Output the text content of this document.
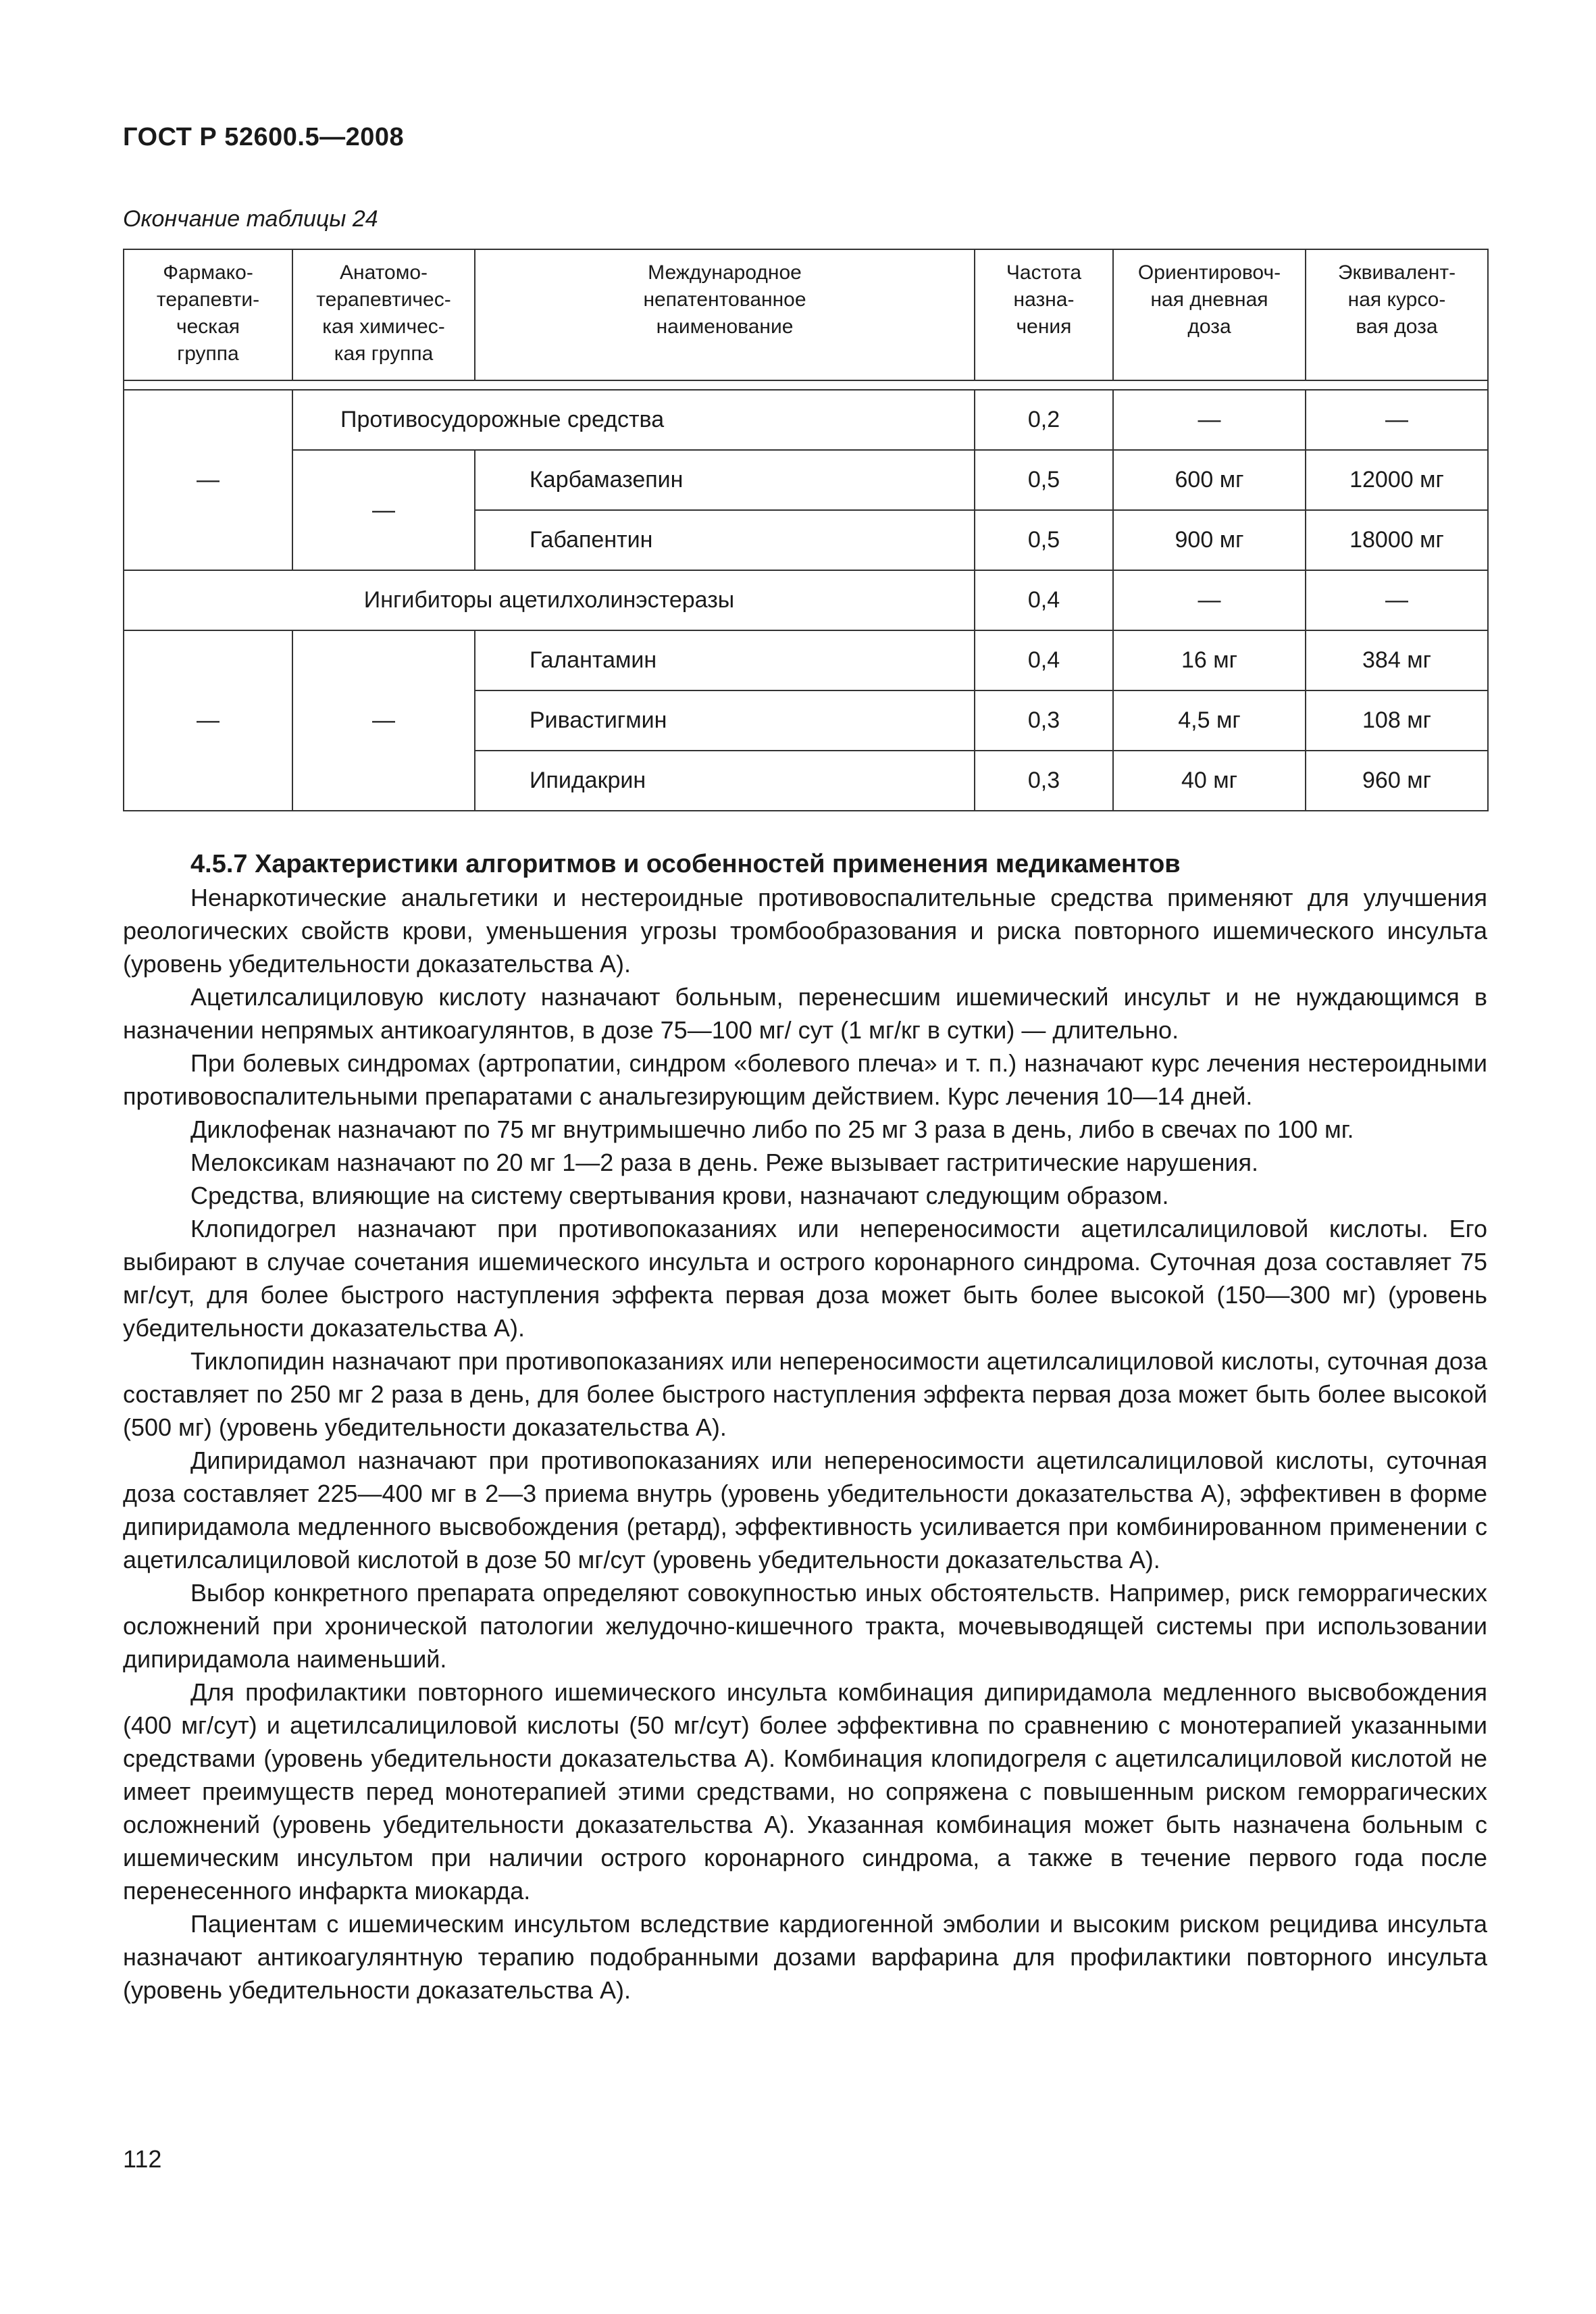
ГОСТ Р 52600.5—2008
Окончание таблицы 24
Фармако-
терапевти-
ческая
группа	Анатомо-
терапевтичес-
кая химичес-
кая группа	Международное
непатентованное
наименование	Частота
назна-
чения	Ориентировоч-
ная дневная
доза	Эквивалент-
ная курсо-
вая доза

—	Противосудорожные средства		0,2	—	—
	—	Карбамазепин	0,5	600 мг	12000 мг
		Габапентин	0,5	900 мг	18000 мг
Ингибиторы ацетилхолинэстеразы			0,4	—	—
—	—	Галантамин	0,4	16 мг	384 мг
		Ривастигмин	0,3	4,5 мг	108 мг
		Ипидакрин	0,3	40 мг	960 мг
4.5.7 Характеристики алгоритмов и особенностей применения медикаментов

Ненаркотические анальгетики и нестероидные противовоспалительные средства применяют для улучшения реологических свойств крови, уменьшения угрозы тромбообразования и риска повторного ишемического инсульта (уровень убедительности доказательства А).

Ацетилсалициловую кислоту назначают больным, перенесшим ишемический инсульт и не нуждающимся в назначении непрямых антикоагулянтов, в дозе 75—100 мг/ сут (1 мг/кг в сутки) — длительно.

При болевых синдромах (артропатии, синдром «болевого плеча» и т. п.) назначают курс лечения нестероидными противовоспалительными препаратами с анальгезирующим действием. Курс лечения 10—14 дней.

Диклофенак назначают по 75 мг внутримышечно либо по 25 мг 3 раза в день, либо в свечах по 100 мг.

Мелоксикам назначают по 20 мг 1—2 раза в день. Реже вызывает гастритические нарушения.

Средства, влияющие на систему свертывания крови, назначают следующим образом.

Клопидогрел назначают при противопоказаниях или непереносимости ацетилсалициловой кислоты. Его выбирают в случае сочетания ишемического инсульта и острого коронарного синдрома. Суточная доза составляет 75 мг/сут, для более быстрого наступления эффекта первая доза может быть более высокой (150—300 мг) (уровень убедительности доказательства А).

Тиклопидин назначают при противопоказаниях или непереносимости ацетилсалициловой кислоты, суточная доза составляет по 250 мг 2 раза в день, для более быстрого наступления эффекта первая доза может быть более высокой (500 мг) (уровень убедительности доказательства А).

Дипиридамол назначают при противопоказаниях или непереносимости ацетилсалициловой кислоты, суточная доза составляет 225—400 мг в 2—3 приема внутрь (уровень убедительности доказательства А), эффективен в форме дипиридамола медленного высвобождения (ретард), эффективность усиливается при комбинированном применении с ацетилсалициловой кислотой в дозе 50 мг/сут (уровень убедительности доказательства А).

Выбор конкретного препарата определяют совокупностью иных обстоятельств. Например, риск геморрагических осложнений при хронической патологии желудочно-кишечного тракта, мочевыводящей системы при использовании дипиридамола наименьший.

Для профилактики повторного ишемического инсульта комбинация дипиридамола медленного высвобождения (400 мг/сут) и ацетилсалициловой кислоты (50 мг/сут) более эффективна по сравнению с монотерапией указанными средствами (уровень убедительности доказательства А). Комбинация клопидогреля с ацетилсалициловой кислотой не имеет преимуществ перед монотерапией этими средствами, но сопряжена с повышенным риском геморрагических осложнений (уровень убедительности доказательства А). Указанная комбинация может быть назначена больным с ишемическим инсультом при наличии острого коронарного синдрома, а также в течение первого года после перенесенного инфаркта миокарда.

Пациентам с ишемическим инсультом вследствие кардиогенной эмболии и высоким риском рецидива инсульта назначают антикоагулянтную терапию подобранными дозами варфарина для профилактики повторного инсульта (уровень убедительности доказательства А).

112
